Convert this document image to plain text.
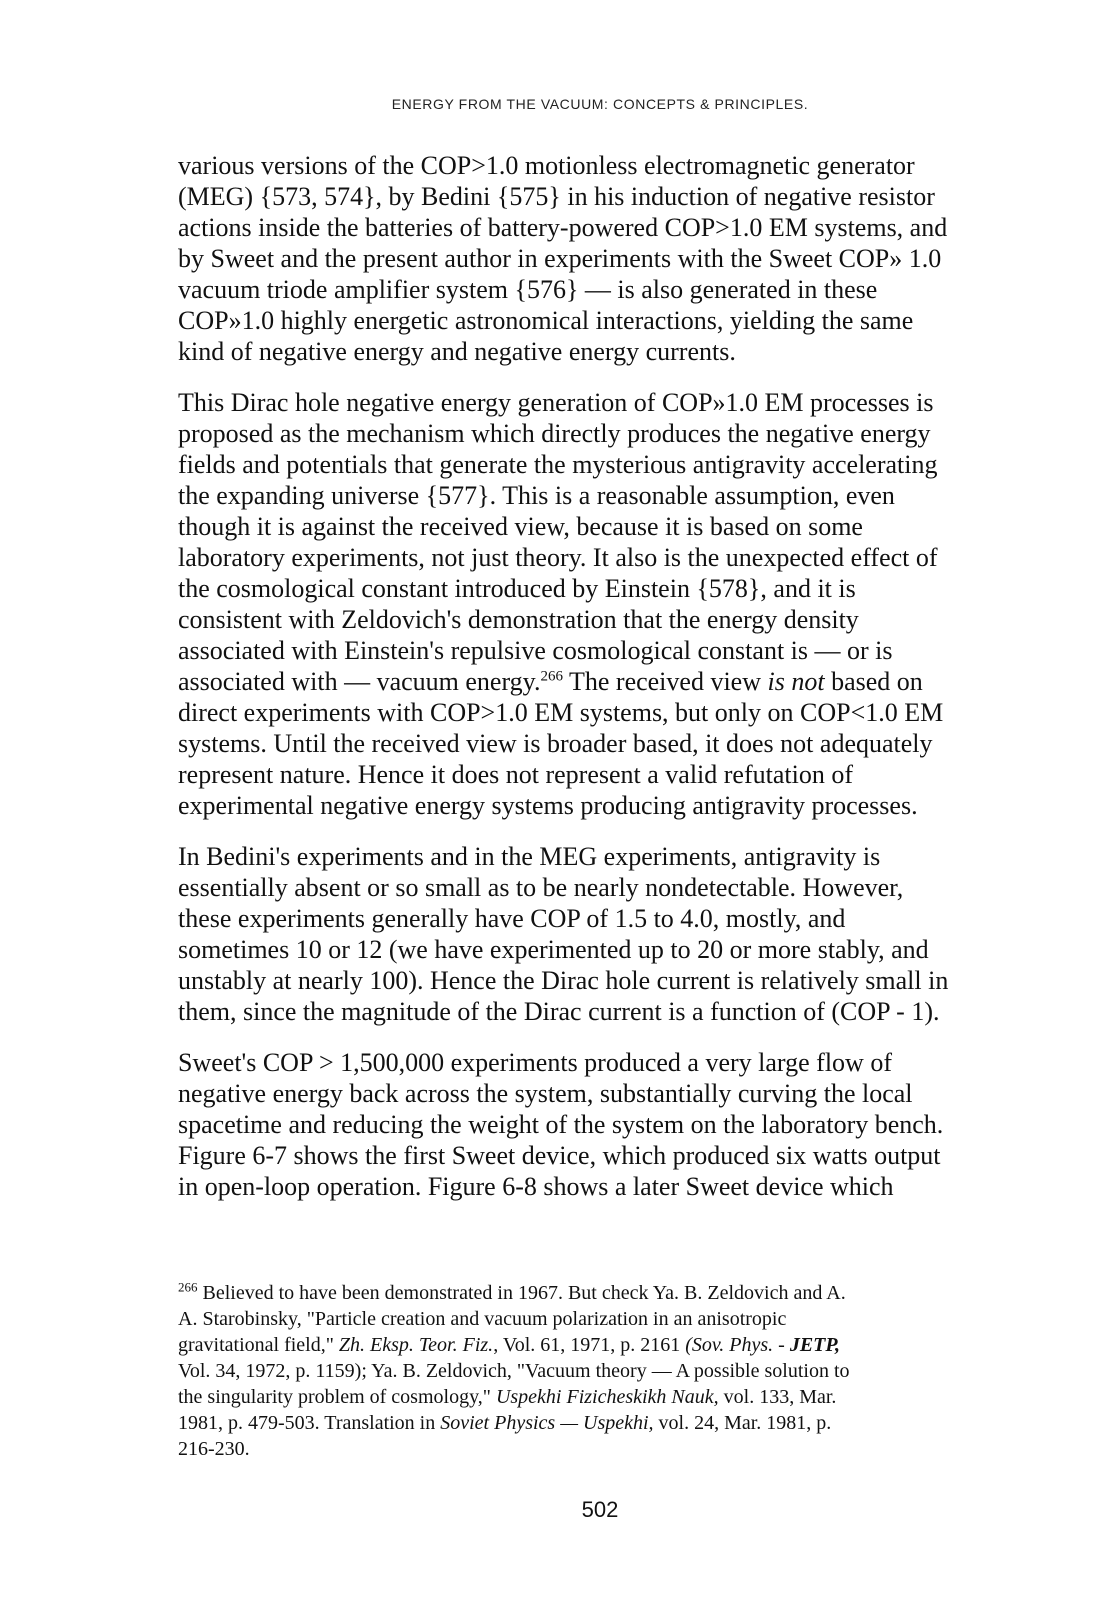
ENERGY FROM THE VACUUM: CONCEPTS & PRINCIPLES.

various versions of the COP>1.0 motionless electromagnetic generator
(MEG) {573, 574}, by Bedini {575} in his induction of negative resistor
actions inside the batteries of battery-powered COP>1.0 EM systems, and
by Sweet and the present author in experiments with the Sweet COP» 1.0
vacuum triode amplifier system {576} — is also generated in these
COP»1.0 highly energetic astronomical interactions, yielding the same
kind of negative energy and negative energy currents.

This Dirac hole negative energy generation of COP»1.0 EM processes is
proposed as the mechanism which directly produces the negative energy
fields and potentials that generate the mysterious antigravity accelerating
the expanding universe {577}. This is a reasonable assumption, even
though it is against the received view, because it is based on some
laboratory experiments, not just theory. It also is the unexpected effect of
the cosmological constant introduced by Einstein {578}, and it is
consistent with Zeldovich's demonstration that the energy density
associated with Einstein's repulsive cosmological constant is — or is
associated with — vacuum energy.$^{266}$ The received view is not based on
direct experiments with COP>1.0 EM systems, but only on COP<1.0 EM
systems. Until the received view is broader based, it does not adequately
represent nature. Hence it does not represent a valid refutation of
experimental negative energy systems producing antigravity processes.

In Bedini's experiments and in the MEG experiments, antigravity is
essentially absent or so small as to be nearly nondetectable. However,
these experiments generally have COP of 1.5 to 4.0, mostly, and
sometimes 10 or 12 (we have experimented up to 20 or more stably, and
unstably at nearly 100). Hence the Dirac hole current is relatively small in
them, since the magnitude of the Dirac current is a function of (COP - 1).

Sweet's COP > 1,500,000 experiments produced a very large flow of
negative energy back across the system, substantially curving the local
spacetime and reducing the weight of the system on the laboratory bench.
Figure 6-7 shows the first Sweet device, which produced six watts output
in open-loop operation. Figure 6-8 shows a later Sweet device which

$^{266}$ Believed to have been demonstrated in 1967. But check Ya. B. Zeldovich and A.
A. Starobinsky, "Particle creation and vacuum polarization in an anisotropic
gravitational field," Zh. Eksp. Teor. Fiz., Vol. 61, 1971, p. 2161 (Sov. Phys. - JETP,
Vol. 34, 1972, p. 1159); Ya. B. Zeldovich, "Vacuum theory — A possible solution to
the singularity problem of cosmology," Uspekhi Fizicheskikh Nauk, vol. 133, Mar.
1981, p. 479-503. Translation in Soviet Physics — Uspekhi, vol. 24, Mar. 1981, p.
216-230.
502
